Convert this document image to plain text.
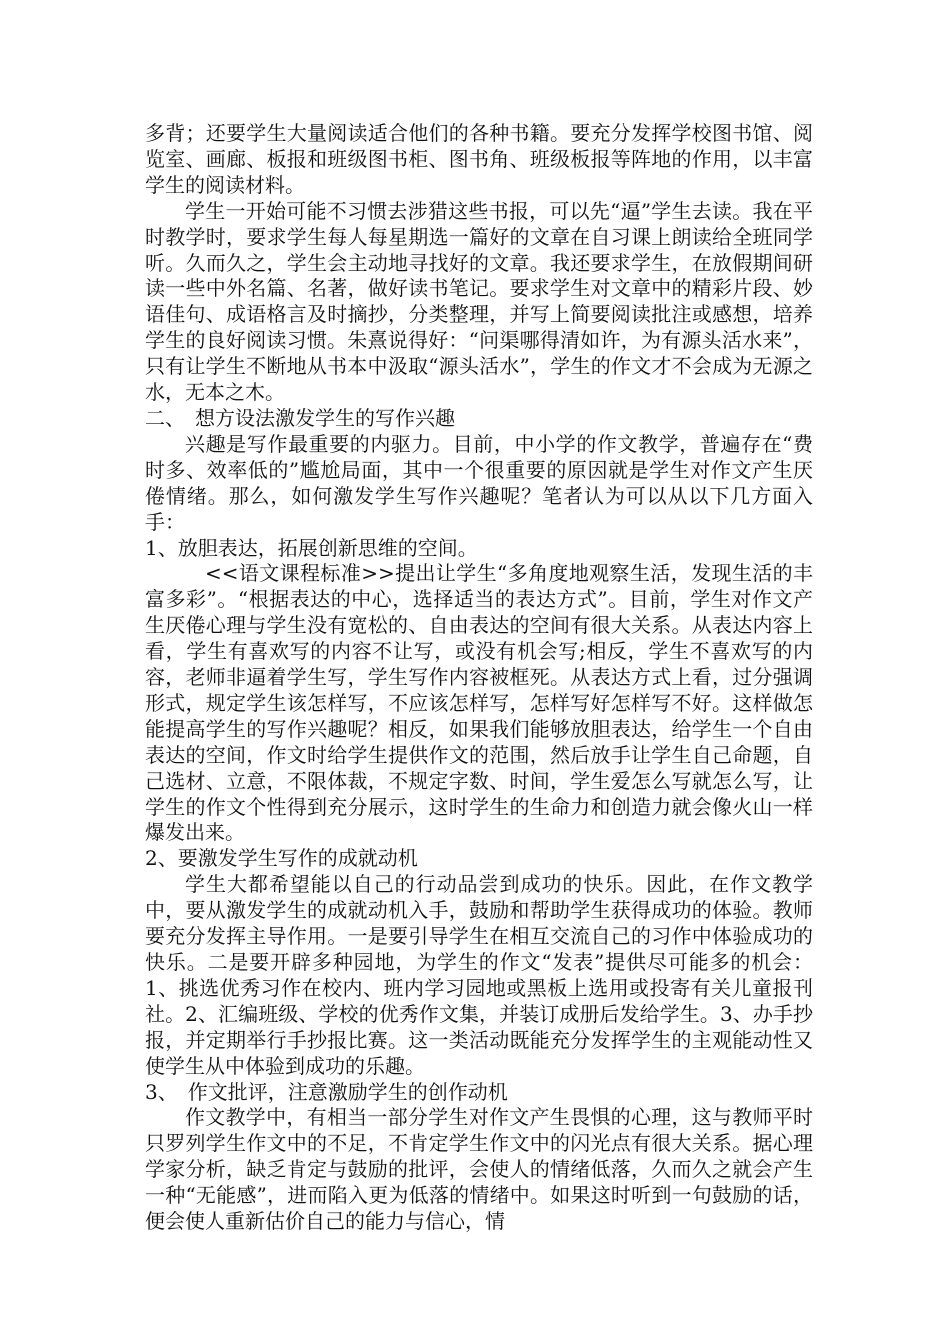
多背；还要学生大量阅读适合他们的各种书籍。要充分发挥学校图书馆、阅览室、画廊、板报和班级图书柜、图书角、班级板报等阵地的作用，以丰富学生的阅读材料。

学生一开始可能不习惯去涉猎这些书报，可以先“逼”学生去读。我在平时教学时，要求学生每人每星期选一篇好的文章在自习课上朗读给全班同学听。久而久之，学生会主动地寻找好的文章。我还要求学生，在放假期间研读一些中外名篇、名著，做好读书笔记。要求学生对文章中的精彩片段、妙语佳句、成语格言及时摘抄，分类整理，并写上简要阅读批注或感想，培养学生的良好阅读习惯。朱熹说得好：“问渠哪得清如许，为有源头活水来”，只有让学生不断地从书本中汲取“源头活水”，学生的作文才不会成为无源之水，无本之木。

二、　想方设法激发学生的写作兴趣

兴趣是写作最重要的内驱力。目前，中小学的作文教学，普遍存在“费时多、效率低的”尴尬局面，其中一个很重要的原因就是学生对作文产生厌倦情绪。那么，如何激发学生写作兴趣呢？笔者认为可以从以下几方面入手：

1、放胆表达，拓展创新思维的空间。

<<语文课程标准>>提出让学生“多角度地观察生活，发现生活的丰富多彩”。“根据表达的中心，选择适当的表达方式”。目前，学生对作文产生厌倦心理与学生没有宽松的、自由表达的空间有很大关系。从表达内容上看，学生有喜欢写的内容不让写，或没有机会写;相反，学生不喜欢写的内容，老师非逼着学生写，学生写作内容被框死。从表达方式上看，过分强调形式，规定学生该怎样写，不应该怎样写，怎样写好怎样写不好。这样做怎能提高学生的写作兴趣呢？相反，如果我们能够放胆表达，给学生一个自由表达的空间，作文时给学生提供作文的范围，然后放手让学生自己命题，自己选材、立意，不限体裁，不规定字数、时间，学生爱怎么写就怎么写，让学生的作文个性得到充分展示，这时学生的生命力和创造力就会像火山一样爆发出来。

2、要激发学生写作的成就动机

学生大都希望能以自己的行动品尝到成功的快乐。因此，在作文教学中，要从激发学生的成就动机入手，鼓励和帮助学生获得成功的体验。教师要充分发挥主导作用。一是要引导学生在相互交流自己的习作中体验成功的快乐。二是要开辟多种园地，为学生的作文“发表”提供尽可能多的机会：1、挑选优秀习作在校内、班内学习园地或黑板上选用或投寄有关儿童报刊社。2、汇编班级、学校的优秀作文集，并装订成册后发给学生。3、办手抄报，并定期举行手抄报比赛。这一类活动既能充分发挥学生的主观能动性又使学生从中体验到成功的乐趣。

3、　作文批评，注意激励学生的创作动机

作文教学中，有相当一部分学生对作文产生畏惧的心理，这与教师平时只罗列学生作文中的不足，不肯定学生作文中的闪光点有很大关系。据心理学家分析，缺乏肯定与鼓励的批评，会使人的情绪低落，久而久之就会产生一种“无能感”，进而陷入更为低落的情绪中。如果这时听到一句鼓励的话，便会使人重新估价自己的能力与信心，情
